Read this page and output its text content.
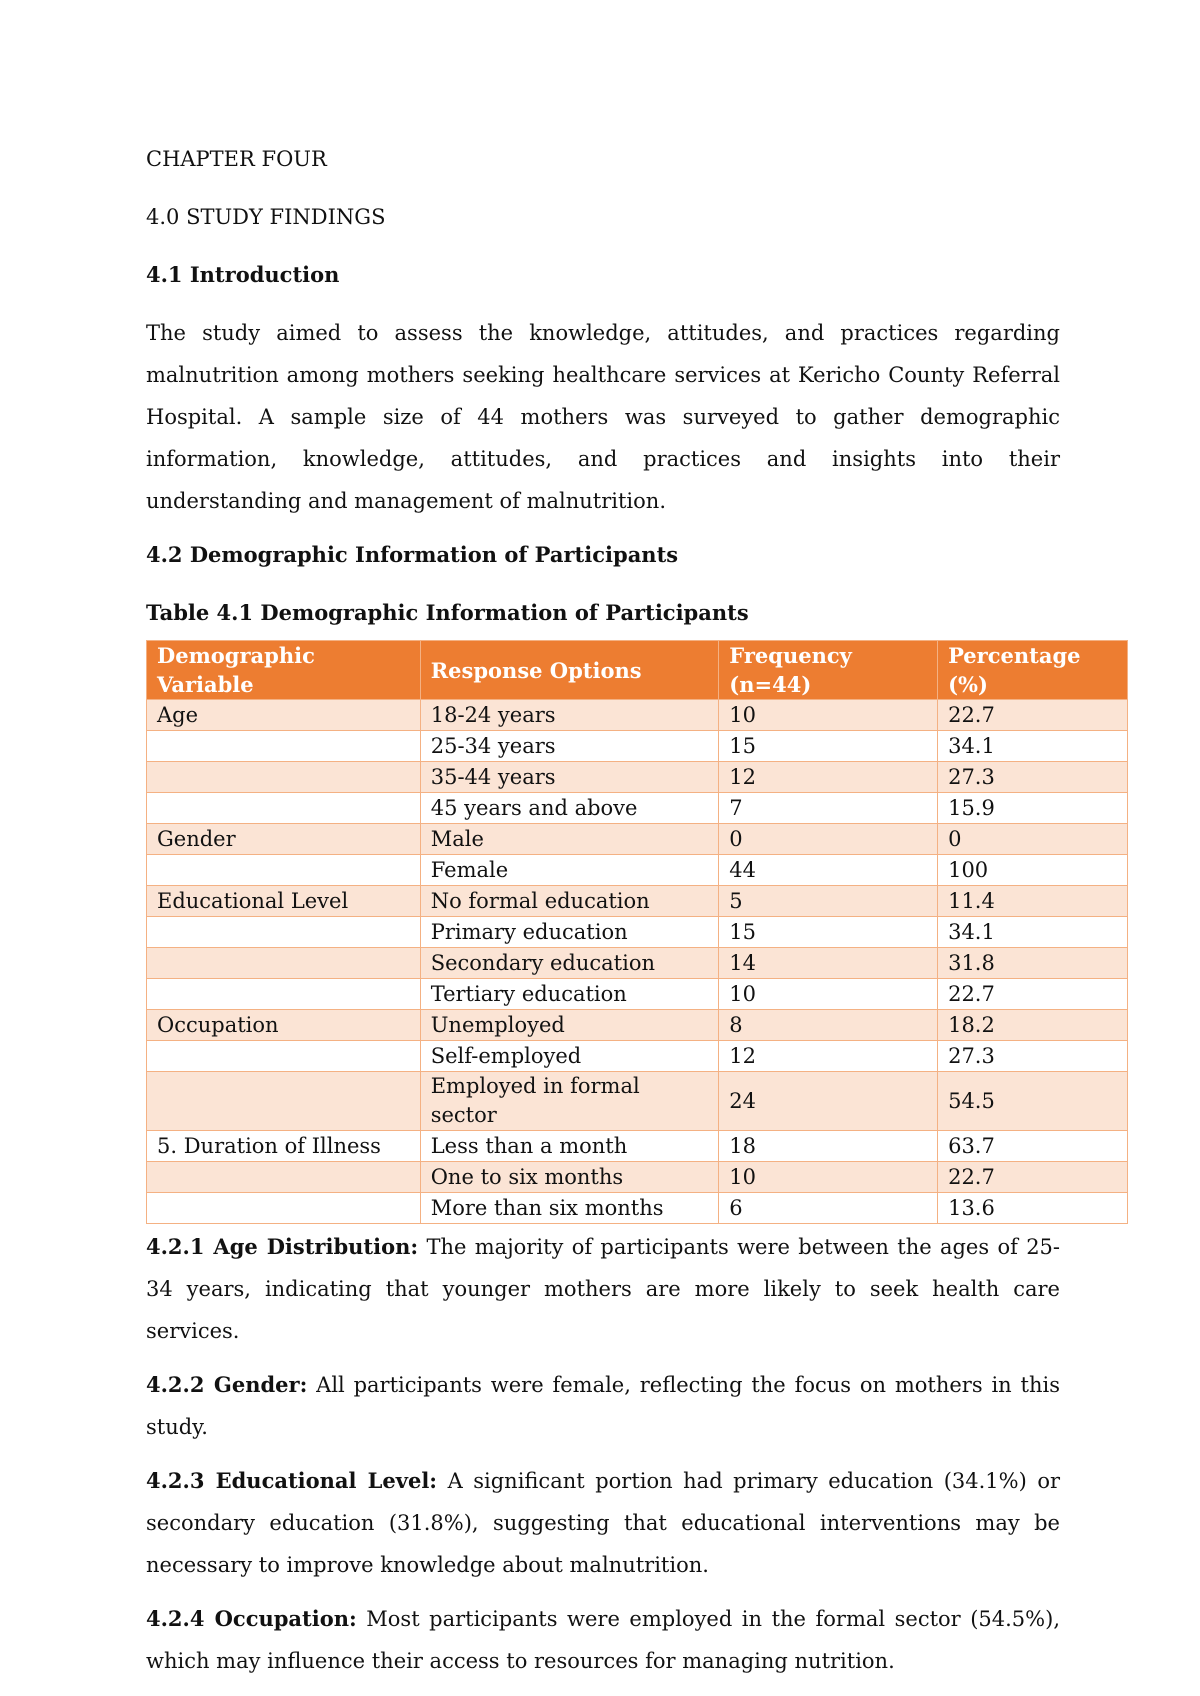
CHAPTER FOUR
4.0 STUDY FINDINGS
4.1 Introduction

The study aimed to assess the knowledge, attitudes, and practices regarding malnutrition among mothers seeking healthcare services at Kericho County Referral Hospital. A sample size of 44 mothers was surveyed to gather demographic information, knowledge, attitudes, and practices and insights into their understanding and management of malnutrition.

4.2 Demographic Information of Participants
Table 4.1 Demographic Information of Participants
Demographic Variable	Response Options	Frequency (n=44)	Percentage (%)
Age	18-24 years	10	22.7
	25-34 years	15	34.1
	35-44 years	12	27.3
	45 years and above	7	15.9
Gender	Male	0	0
	Female	44	100
Educational Level	No formal education	5	11.4
	Primary education	15	34.1
	Secondary education	14	31.8
	Tertiary education	10	22.7
Occupation	Unemployed	8	18.2
	Self-employed	12	27.3
	Employed in formal sector	24	54.5
5. Duration of Illness	Less than a month	18	63.7
	One to six months	10	22.7
	More than six months	6	13.6

4.2.1 Age Distribution: The majority of participants were between the ages of 25-34 years, indicating that younger mothers are more likely to seek health care services.

4.2.2 Gender: All participants were female, reflecting the focus on mothers in this study.

4.2.3 Educational Level: A significant portion had primary education (34.1%) or secondary education (31.8%), suggesting that educational interventions may be necessary to improve knowledge about malnutrition.

4.2.4 Occupation: Most participants were employed in the formal sector (54.5%), which may influence their access to resources for managing nutrition.
